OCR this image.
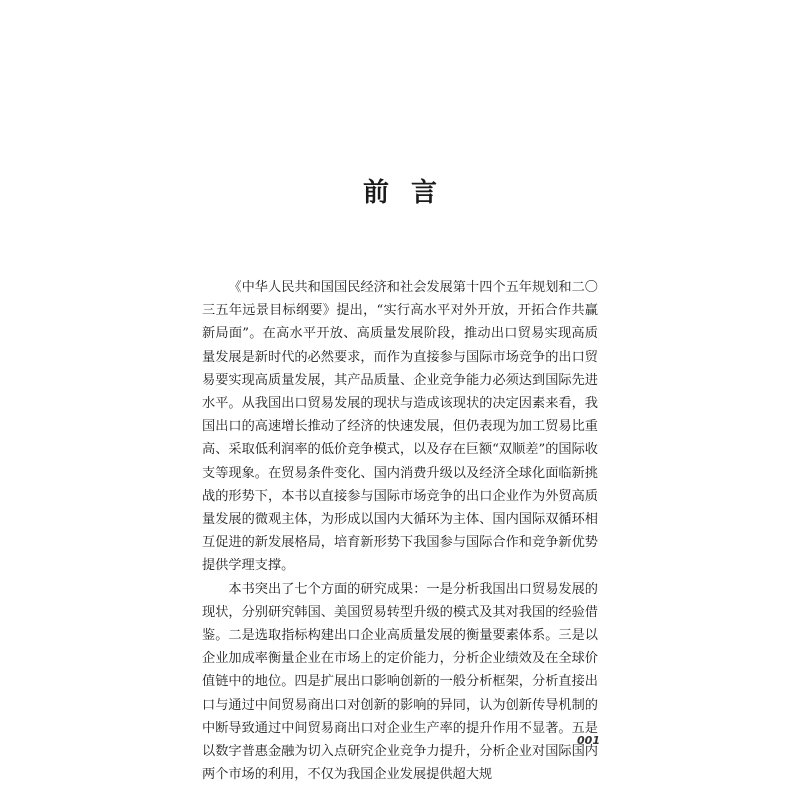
前言

《中华人民共和国国民经济和社会发展第十四个五年规划和二〇三五年远景目标纲要》提出，“实行高水平对外开放，开拓合作共赢新局面”。在高水平开放、高质量发展阶段，推动出口贸易实现高质量发展是新时代的必然要求，而作为直接参与国际市场竞争的出口贸易要实现高质量发展，其产品质量、企业竞争能力必须达到国际先进水平。从我国出口贸易发展的现状与造成该现状的决定因素来看，我国出口的高速增长推动了经济的快速发展，但仍表现为加工贸易比重高、采取低利润率的低价竞争模式，以及存在巨额“双顺差”的国际收支等现象。在贸易条件变化、国内消费升级以及经济全球化面临新挑战的形势下，本书以直接参与国际市场竞争的出口企业作为外贸高质量发展的微观主体，为形成以国内大循环为主体、国内国际双循环相互促进的新发展格局，培育新形势下我国参与国际合作和竞争新优势提供学理支撑。

本书突出了七个方面的研究成果：一是分析我国出口贸易发展的现状，分别研究韩国、美国贸易转型升级的模式及其对我国的经验借鉴。二是选取指标构建出口企业高质量发展的衡量要素体系。三是以企业加成率衡量企业在市场上的定价能力，分析企业绩效及在全球价值链中的地位。四是扩展出口影响创新的一般分析框架，分析直接出口与通过中间贸易商出口对创新的影响的异同，认为创新传导机制的中断导致通过中间贸易商出口对企业生产率的提升作用不显著。五是以数字普惠金融为切入点研究企业竞争力提升，分析企业对国际国内两个市场的利用，不仅为我国企业发展提供超大规

001
